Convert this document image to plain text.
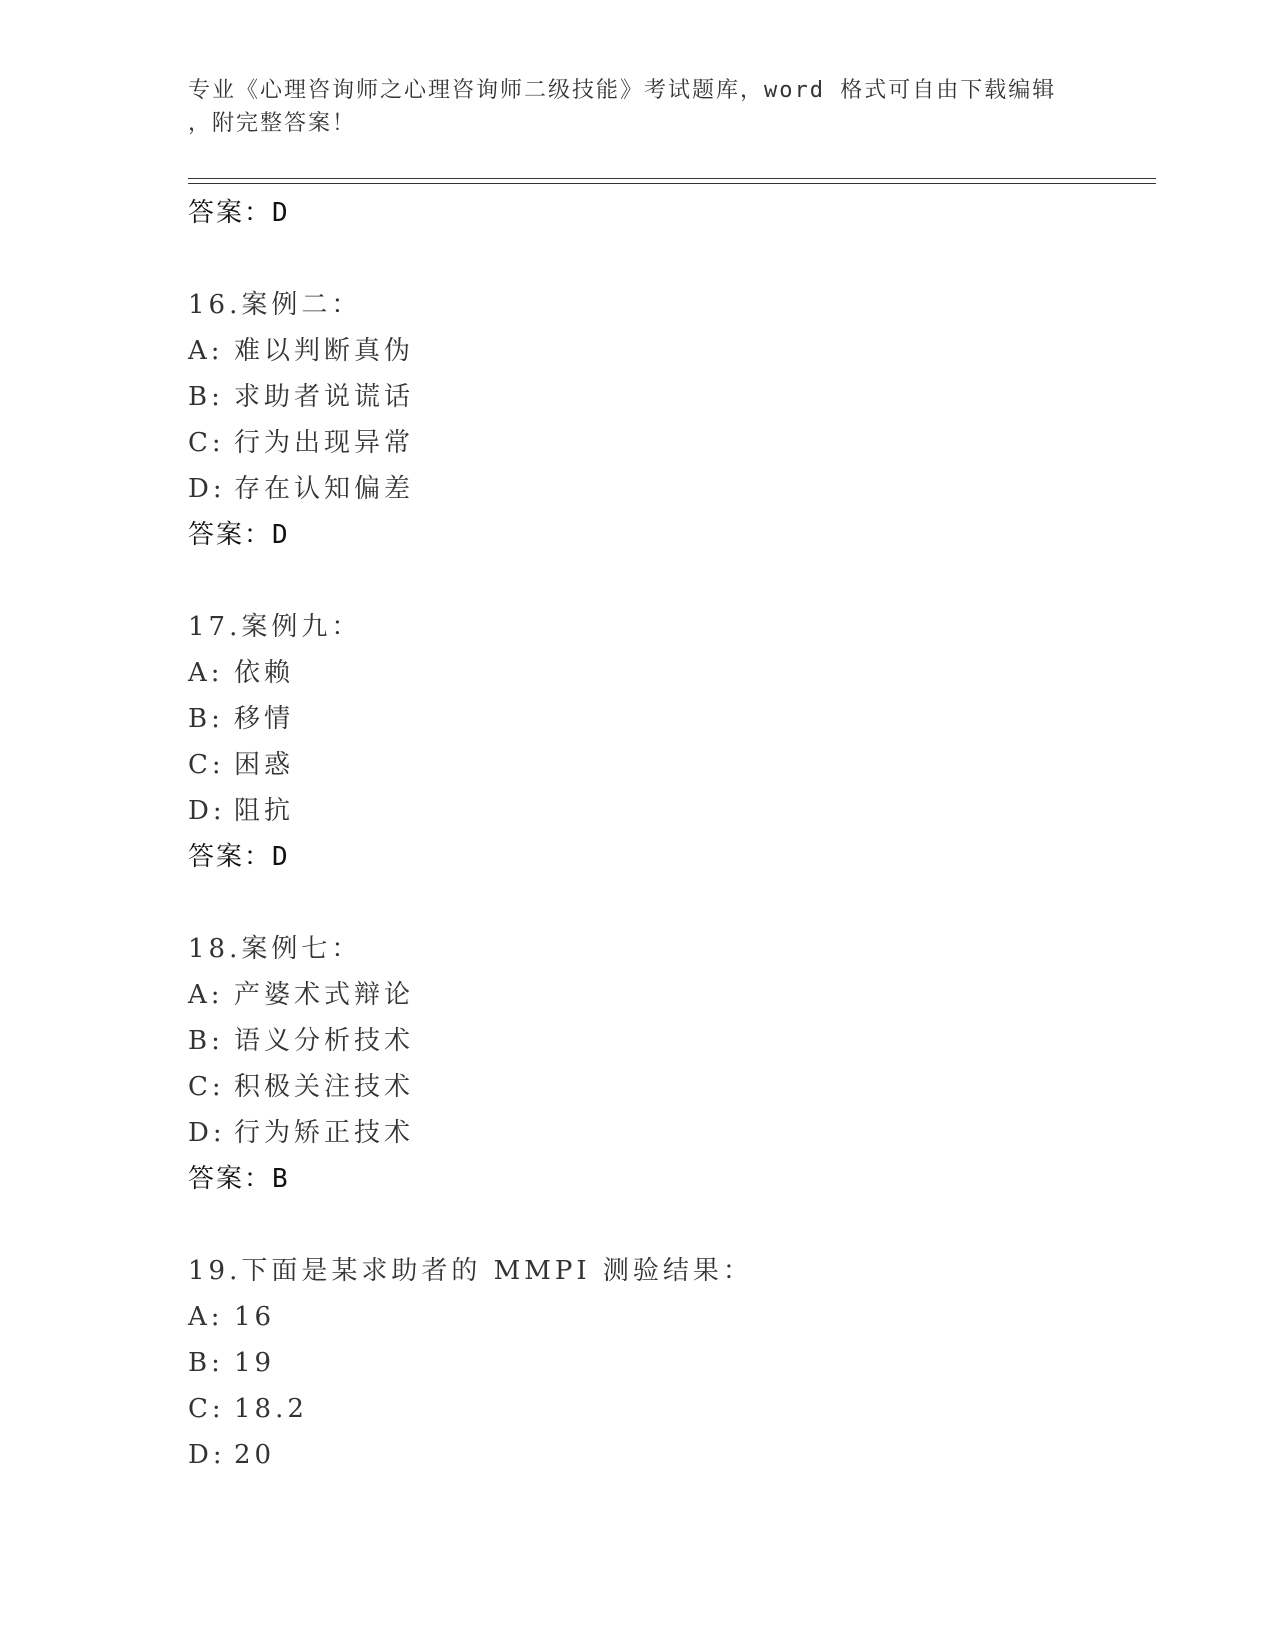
专业《心理咨询师之心理咨询师二级技能》考试题库，word 格式可自由下载编辑
，附完整答案！
答案：D
16.案例二：
A: 难以判断真伪
B: 求助者说谎话
C: 行为出现异常
D: 存在认知偏差
答案：D
17.案例九：
A: 依赖
B: 移情
C: 困惑
D: 阻抗
答案：D
18.案例七：
A: 产婆术式辩论
B: 语义分析技术
C: 积极关注技术
D: 行为矫正技术
答案：B
19.下面是某求助者的 MMPI 测验结果：
A: 16
B: 19
C: 18.2
D: 20
